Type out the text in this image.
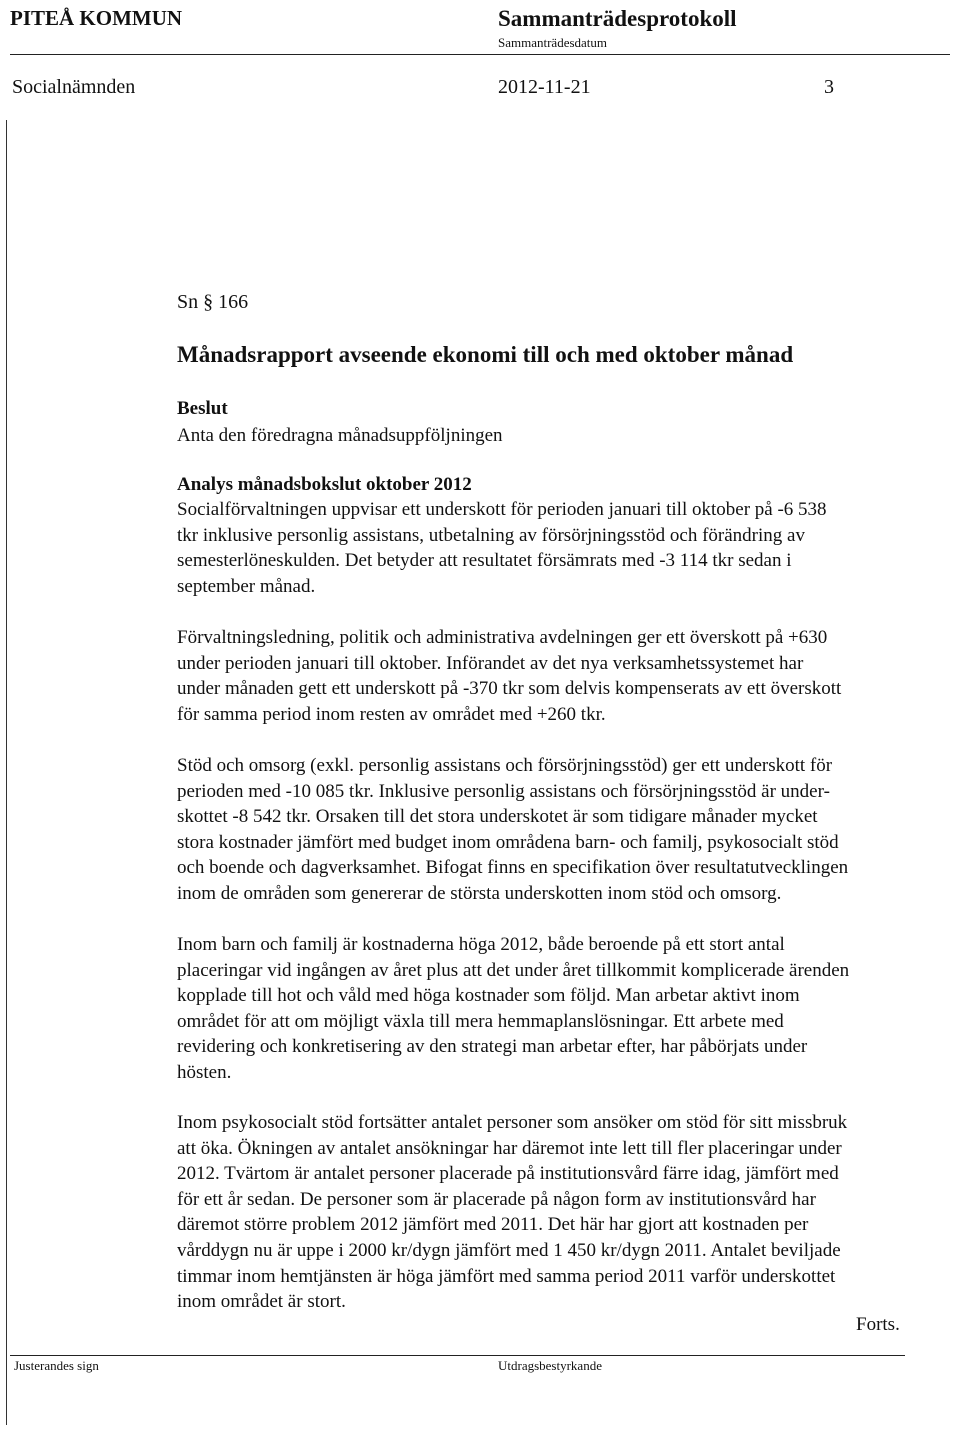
PITEÅ KOMMUN	Sammanträdesprotokoll
Sammanträdesdatum
Socialnämnden	2012-11-21	3
Sn § 166
Månadsrapport avseende ekonomi till och med oktober månad
Beslut
Anta den föredragna månadsuppföljningen
Analys månadsbokslut oktober 2012
Socialförvaltningen uppvisar ett underskott för perioden januari till oktober på -6 538
tkr inklusive personlig assistans, utbetalning av försörjningsstöd och förändring av
semesterlöneskulden. Det betyder att resultatet försämrats med -3 114 tkr sedan i
september månad.
Förvaltningsledning, politik och administrativa avdelningen ger ett överskott på +630
under perioden januari till oktober. Införandet av det nya verksamhetssystemet har
under månaden gett ett underskott på -370 tkr som delvis kompenserats av ett överskott
för samma period inom resten av området med +260 tkr.
Stöd och omsorg (exkl. personlig assistans och försörjningsstöd) ger ett underskott för
perioden med -10 085 tkr. Inklusive personlig assistans och försörjningsstöd är under-
skottet -8 542 tkr. Orsaken till det stora underskotet är som tidigare månader mycket
stora kostnader jämfört med budget inom områdena barn- och familj, psykosocialt stöd
och boende och dagverksamhet. Bifogat finns en specifikation över resultatutvecklingen
inom de områden som genererar de största underskotten inom stöd och omsorg.
Inom barn och familj är kostnaderna höga 2012, både beroende på ett stort antal
placeringar vid ingången av året plus att det under året tillkommit komplicerade ärenden
kopplade till hot och våld med höga kostnader som följd. Man arbetar aktivt inom
området för att om möjligt växla till mera hemmaplanslösningar. Ett arbete med
revidering och konkretisering av den strategi man arbetar efter, har påbörjats under
hösten.
Inom psykosocialt stöd fortsätter antalet personer som ansöker om stöd för sitt missbruk
att öka. Ökningen av antalet ansökningar har däremot inte lett till fler placeringar under
2012. Tvärtom är antalet personer placerade på institutionsvård färre idag, jämfört med
för ett år sedan. De personer som är placerade på någon form av institutionsvård har
däremot större problem 2012 jämfört med 2011. Det här har gjort att kostnaden per
vårddygn nu är uppe i 2000 kr/dygn jämfört med 1 450 kr/dygn 2011. Antalet beviljade
timmar inom hemtjänsten är höga jämfört med samma period 2011 varför underskottet
inom området är stort.
Forts.
Justerandes sign	Utdragsbestyrkande
